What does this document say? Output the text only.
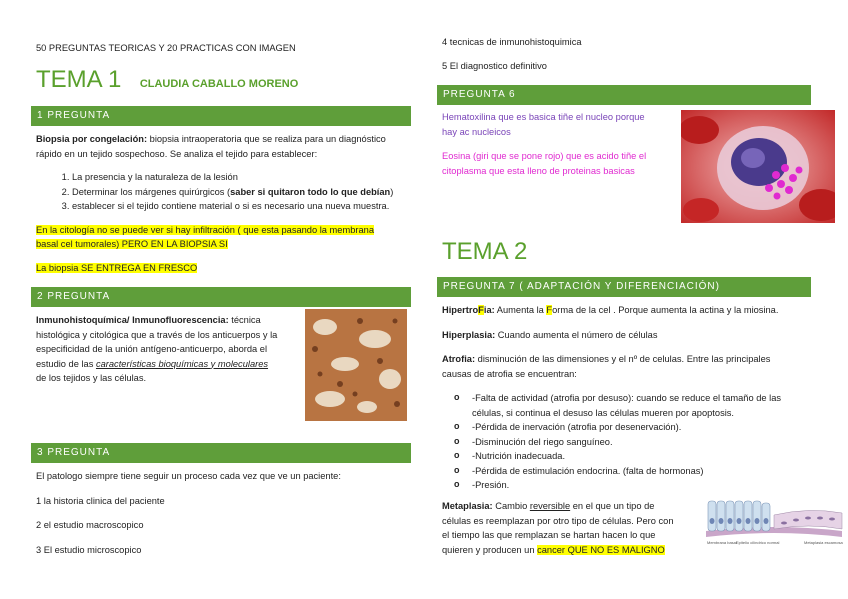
50 PREGUNTAS TEORICAS Y 20 PRACTICAS CON IMAGEN
TEMA 1 CLAUDIA CABALLO MORENO
1 PREGUNTA
Biopsia por congelación: biopsia intraoperatoria que se realiza para un diagnóstico
rápido en un tejido sospechoso. Se analiza el tejido para establecer:
1. La presencia y la naturaleza de la lesión
2. Determinar los márgenes quirúrgicos (saber si quitaron todo lo que debían)
3. establecer si el tejido contiene material o si es necesario una nueva muestra.
En la citología no se puede ver si hay infiltración ( que esta pasando la membrana
basal cel tumorales) PERO EN LA BIOPSIA SI
La biopsia SE ENTREGA EN FRESCO
2 PREGUNTA
Inmunohistoquímica/ Inmunofluorescencia: técnica
histológica y citológica que a través de los anticuerpos y la
especificidad de la unión antígeno-anticuerpo, aborda el
estudio de las características bioquímicas y moleculares
de los tejidos y las células.
3 PREGUNTA
El patologo siempre tiene seguir un proceso cada vez que ve un paciente:
1 la historia clinica del paciente
2 el estudio macroscopico
3 El estudio microscopico
4 tecnicas de inmunohistoquimica
5 El diagnostico definitivo
PREGUNTA 6
Hematoxilina que es basica tiñe el nucleo porque
hay ac nucleicos
Eosina (giri que se pone rojo) que es acido tiñe el
citoplasma que esta lleno de proteinas basicas
TEMA 2
PREGUNTA 7 ( ADAPTACIÓN Y DIFERENCIACIÓN)
HipertroFia: Aumenta la Forma de la cel . Porque aumenta la actina y la miosina.
Hiperplasia: Cuando aumenta el número de células
Atrofia: disminución de las dimensiones y el nº de celulas. Entre las principales
causas de atrofia se encuentran:
o -Falta de actividad (atrofia por desuso): cuando se reduce el tamaño de las
células, si continua el desuso las células mueren por apoptosis.
o -Pérdida de inervación (atrofia por desenervación).
o -Disminución del riego sanguíneo.
o -Nutrición inadecuada.
o -Pérdida de estimulación endocrina. (falta de hormonas)
o -Presión.
Metaplasia: Cambio reversible en el que un tipo de
células es reemplazan por otro tipo de células. Pero con
el tiempo las que remplazan se hartan hacen lo que
quieren y producen un cancer QUE NO ES MALIGNO
Membrana basal Epitelio cilíndrico normal	Metaplasia escamosa
